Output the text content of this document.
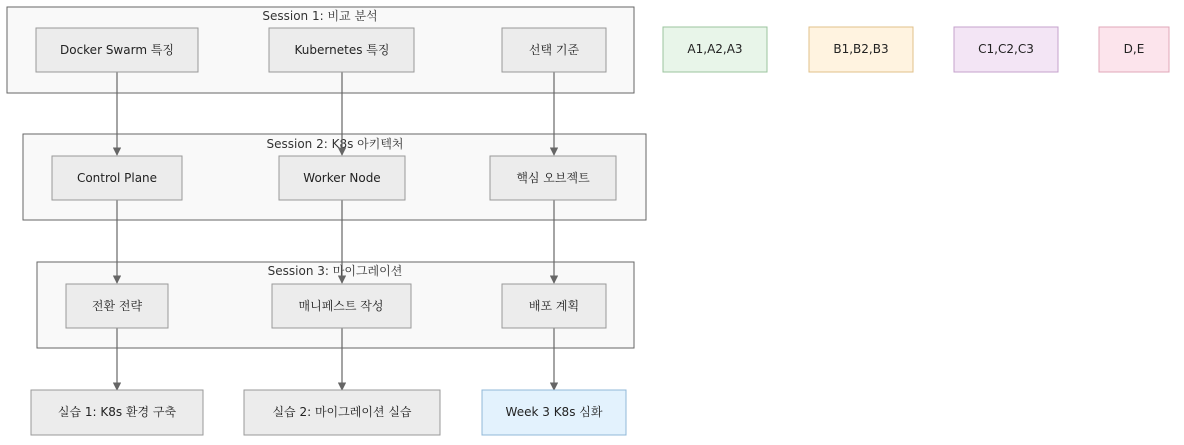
Session 1: 비교 분석
Session 2: K8s 아키텍처
Session 3: 마이그레이션
Docker Swarm 특징	Kubernetes 특징	선택 기준
Control Plane	Worker Node	핵심 오브젝트
전환 전략	매니페스트 작성	배포 계획
실습 1: K8s 환경 구축	실습 2: 마이그레이션 실습	Week 3 K8s 심화
A1,A2,A3	B1,B2,B3	C1,C2,C3	D,E
